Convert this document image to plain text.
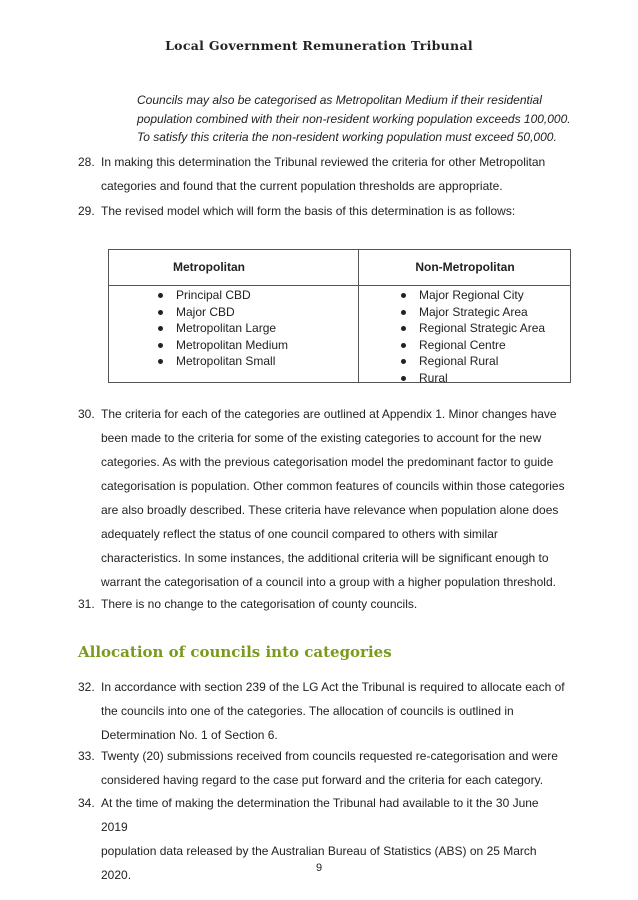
Local Government Remuneration Tribunal
Councils may also be categorised as Metropolitan Medium if their residential
population combined with their non-resident working population exceeds 100,000.
To satisfy this criteria the non-resident working population must exceed 50,000.
28. In making this determination the Tribunal reviewed the criteria for other Metropolitan
categories and found that the current population thresholds are appropriate.
29. The revised model which will form the basis of this determination is as follows:
Metropolitan	Non-Metropolitan
Principal CBD
Major CBD
Metropolitan Large
Metropolitan Medium
Metropolitan Small
Major Regional City
Major Strategic Area
Regional Strategic Area
Regional Centre
Regional Rural
Rural
30. The criteria for each of the categories are outlined at Appendix 1. Minor changes have
been made to the criteria for some of the existing categories to account for the new
categories. As with the previous categorisation model the predominant factor to guide
categorisation is population. Other common features of councils within those categories
are also broadly described. These criteria have relevance when population alone does
adequately reflect the status of one council compared to others with similar
characteristics. In some instances, the additional criteria will be significant enough to
warrant the categorisation of a council into a group with a higher population threshold.
31. There is no change to the categorisation of county councils.
Allocation of councils into categories
32. In accordance with section 239 of the LG Act the Tribunal is required to allocate each of
the councils into one of the categories. The allocation of councils is outlined in
Determination No. 1 of Section 6.
33. Twenty (20) submissions received from councils requested re-categorisation and were
considered having regard to the case put forward and the criteria for each category.
34. At the time of making the determination the Tribunal had available to it the 30 June 2019
population data released by the Australian Bureau of Statistics (ABS) on 25 March 2020.	9
